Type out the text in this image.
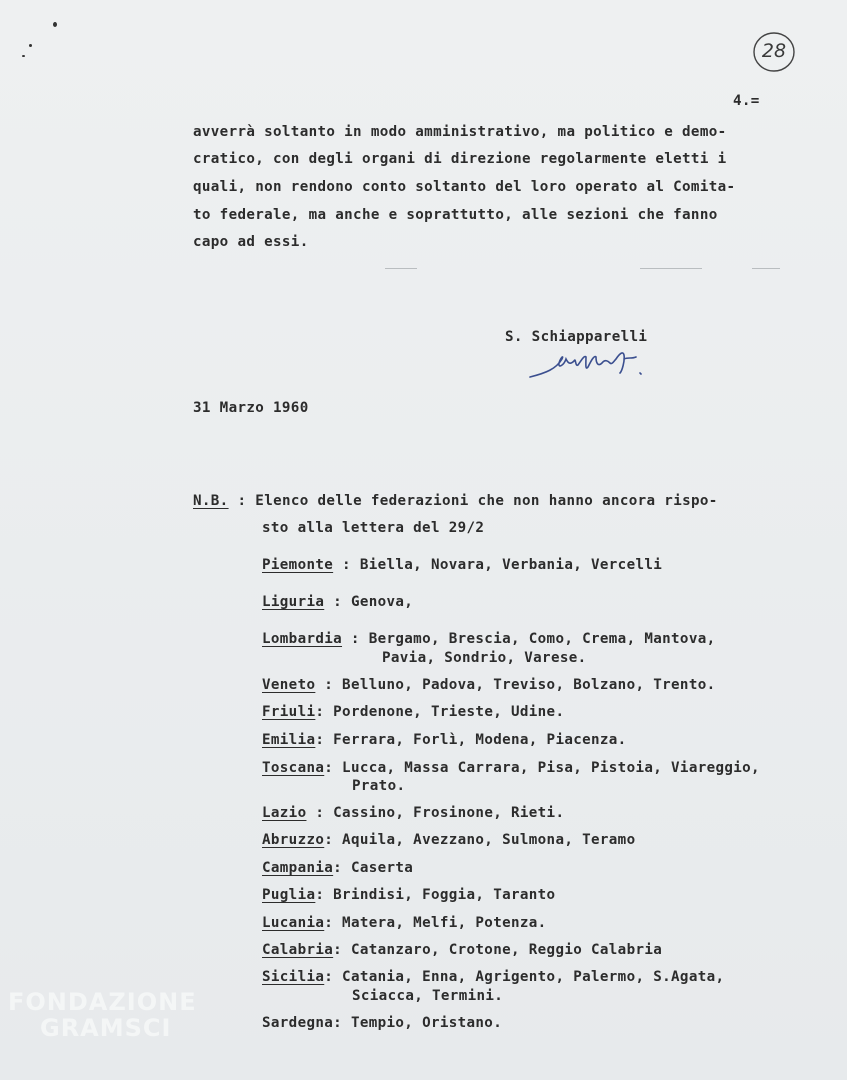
28
4.=
avverrà soltanto in modo amministrativo, ma politico e demo-
cratico, con degli organi di direzione regolarmente eletti i
quali, non rendono conto soltanto del loro operato al Comita-
to federale, ma anche e soprattutto, alle sezioni che fanno
capo ad essi.
S. Schiapparelli
31 Marzo 1960
N.B. : Elenco delle federazioni che non hanno ancora rispo-
sto alla lettera del 29/2
Piemonte : Biella, Novara, Verbania, Vercelli
Liguria : Genova,
Lombardia : Bergamo, Brescia, Como, Crema, Mantova,
Pavia, Sondrio, Varese.
Veneto : Belluno, Padova, Treviso, Bolzano, Trento.
Friuli: Pordenone, Trieste, Udine.
Emilia: Ferrara, Forlì, Modena, Piacenza.
Toscana: Lucca, Massa Carrara, Pisa, Pistoia, Viareggio,
Prato.
Lazio : Cassino, Frosinone, Rieti.
Abruzzo: Aquila, Avezzano, Sulmona, Teramo
Campania: Caserta
Puglia: Brindisi, Foggia, Taranto
Lucania: Matera, Melfi, Potenza.
Calabria: Catanzaro, Crotone, Reggio Calabria
Sicilia: Catania, Enna, Agrigento, Palermo, S.Agata,
Sciacca, Termini.
Sardegna: Tempio, Oristano.
FONDAZIONE
GRAMSCI
